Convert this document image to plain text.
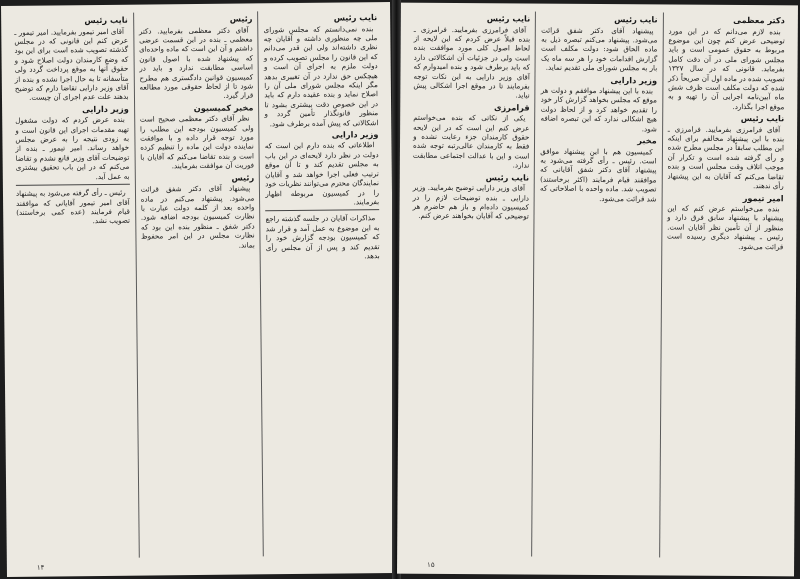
نایب رئیس

بنده نمی‌دانستم که مجلس شورای ملی چه منظوری داشته و آقایان چه نظری داشته‌اند ولی این قدر می‌دانم که این قانون را مجلس تصویب کرده و دولت ملزم به اجرای آن است و هیچکس حق ندارد در آن تغییری بدهد مگر اینکه مجلس شورای ملی آن را اصلاح نماید و بنده عقیده دارم که باید در این خصوص دقت بیشتری بشود تا منظور قانونگذار تأمین گردد و اشکالاتی که پیش آمده برطرف شود.

وزیر دارایی

اطلاعاتی که بنده دارم این است که دولت در نظر دارد لایحه‌ای در این باب به مجلس تقدیم کند و تا آن موقع ترتیب فعلی اجرا خواهد شد و آقایان نمایندگان محترم می‌توانند نظریات خود را در کمیسیون مربوطه اظهار بفرمایند.

مذاکرات آقایان در جلسه گذشته راجع به این موضوع به عمل آمد و قرار شد که کمیسیون بودجه گزارش خود را تقدیم کند و پس از آن مجلس رأی بدهد.

رئیس

آقای دکتر معظمی بفرمایید. دکتر معظمی ـ بنده در این قسمت عرضی داشتم و آن این است که ماده واحده‌ای که پیشنهاد شده با اصول قانون اساسی مطابقت ندارد و باید در کمیسیون قوانین دادگستری هم مطرح شود تا از لحاظ حقوقی مورد مطالعه قرار گیرد.

مخبر کمیسیون

نظر آقای دکتر معظمی صحیح است ولی کمیسیون بودجه این مطلب را مورد توجه قرار داده و با موافقت نماینده دولت این ماده را تنظیم کرده است و بنده تقاضا می‌کنم که آقایان با فوریت آن موافقت بفرمایند.

رئیس

پیشنهاد آقای دکتر شفق قرائت می‌شود. پیشنهاد می‌کنم در ماده واحده بعد از کلمه دولت عبارت با نظارت کمیسیون بودجه اضافه شود. دکتر شفق ـ منظور بنده این بود که نظارت مجلس در این امر محفوظ بماند.

نایب رئیس

آقای امیر تیمور بفرمایید. امیر تیمور ـ عرض کنم این قانونی که در مجلس گذشته تصویب شده است برای این بود که وضع کارمندان دولت اصلاح شود و حقوق آنها به موقع پرداخت گردد ولی متأسفانه تا به حال اجرا نشده و بنده از آقای وزیر دارایی تقاضا دارم که توضیح بدهند علت عدم اجرای آن چیست.

وزیر دارایی

بنده عرض کردم که دولت مشغول تهیه مقدمات اجرای این قانون است و به زودی نتیجه را به عرض مجلس خواهد رساند. امیر تیمور ـ بنده از توضیحات آقای وزیر قانع نشدم و تقاضا می‌کنم که در این باب تحقیق بیشتری به عمل آید.

رئیس ـ رأی گرفته می‌شود به پیشنهاد آقای امیر تیمور آقایانی که موافقند قیام فرمایند (عده کمی برخاستند) تصویب نشد.

۱۴
دکتر معظمی

بنده لازم می‌دانم که در این مورد توضیحی عرض کنم چون این موضوع مربوط به حقوق عمومی است و باید مجلس شورای ملی در آن دقت کامل بفرماید. قانونی که در سال ۱۳۲۷ تصویب شده در ماده اول آن صریحاً ذکر شده که دولت مکلف است ظرف شش ماه آیین‌نامه اجرایی آن را تهیه و به موقع اجرا بگذارد.

نایب رئیس

آقای فرامرزی بفرمایید. فرامرزی ـ بنده با این پیشنهاد مخالفم برای اینکه این مطلب سابقاً در مجلس مطرح شده و رأی گرفته شده است و تکرار آن موجب اتلاف وقت مجلس است و بنده تقاضا می‌کنم که آقایان به این پیشنهاد رأی ندهند.

امیر تیمور

بنده می‌خواستم عرض کنم که این پیشنهاد با پیشنهاد سابق فرق دارد و منظور از آن تأمین نظر آقایان است. رئیس ـ پیشنهاد دیگری رسیده است قرائت می‌شود.

نایب رئیس

پیشنهاد آقای دکتر شفق قرائت می‌شود. پیشنهاد می‌کنم تبصره ذیل به ماده الحاق شود: دولت مکلف است گزارش اقدامات خود را هر سه ماه یک بار به مجلس شورای ملی تقدیم نماید.

وزیر دارایی

بنده با این پیشنهاد موافقم و دولت هر موقع که مجلس بخواهد گزارش کار خود را تقدیم خواهد کرد و از لحاظ دولت هیچ اشکالی ندارد که این تبصره اضافه شود.

مخبر

کمیسیون هم با این پیشنهاد موافق است. رئیس ـ رأی گرفته می‌شود به پیشنهاد آقای دکتر شفق آقایانی که موافقند قیام فرمایند (اکثر برخاستند) تصویب شد. ماده واحده با اصلاحاتی که شد قرائت می‌شود.

نایب رئیس

آقای فرامرزی بفرمایید. فرامرزی ـ بنده قبلاً عرض کردم که این لایحه از لحاظ اصول کلی مورد موافقت بنده است ولی در جزئیات آن اشکالاتی دارد که باید برطرف شود و بنده امیدوارم که آقای وزیر دارایی به این نکات توجه بفرمایند تا در موقع اجرا اشکالی پیش نیاید.

قرامرزی

یکی از نکاتی که بنده می‌خواستم عرض کنم این است که در این لایحه حقوق کارمندان جزء رعایت نشده و فقط به کارمندان عالی‌رتبه توجه شده است و این با عدالت اجتماعی مطابقت ندارد.

نایب رئیس

آقای وزیر دارایی توضیح بفرمایید. وزیر دارایی ـ بنده توضیحات لازم را در کمیسیون داده‌ام و باز هم حاضرم هر توضیحی که آقایان بخواهند عرض کنم.

۱۵
